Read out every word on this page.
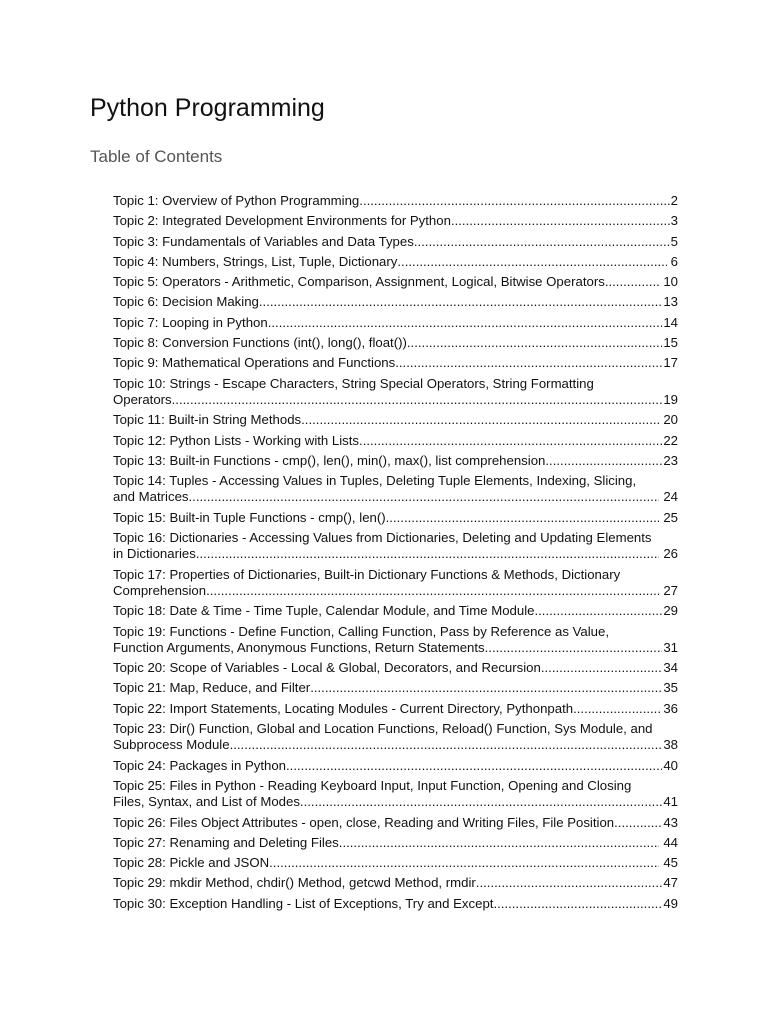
Python Programming
Table of Contents
Topic 1: Overview of Python Programming .....	2
Topic 2: Integrated Development Environments for Python .....	3
Topic 3: Fundamentals of Variables and Data Types .....	5
Topic 4: Numbers, Strings, List, Tuple, Dictionary .....	6
Topic 5: Operators - Arithmetic, Comparison, Assignment, Logical, Bitwise Operators .....	10
Topic 6: Decision Making .....	13
Topic 7: Looping in Python .....	14
Topic 8: Conversion Functions (int(), long(), float()) .....	15
Topic 9: Mathematical Operations and Functions .....	17
Topic 10: Strings - Escape Characters, String Special Operators, String Formatting
Operators .....	19
Topic 11: Built-in String Methods .....	20
Topic 12: Python Lists - Working with Lists .....	22
Topic 13: Built-in Functions - cmp(), len(), min(), max(), list comprehension .....	23
Topic 14: Tuples - Accessing Values in Tuples, Deleting Tuple Elements, Indexing, Slicing,
and Matrices .....	24
Topic 15: Built-in Tuple Functions - cmp(), len() .....	25
Topic 16: Dictionaries - Accessing Values from Dictionaries, Deleting and Updating Elements
in Dictionaries .....	26
Topic 17: Properties of Dictionaries, Built-in Dictionary Functions & Methods, Dictionary
Comprehension .....	27
Topic 18: Date & Time - Time Tuple, Calendar Module, and Time Module .....	29
Topic 19: Functions - Define Function, Calling Function, Pass by Reference as Value,
Function Arguments, Anonymous Functions, Return Statements .....	31
Topic 20: Scope of Variables - Local & Global, Decorators, and Recursion .....	34
Topic 21: Map, Reduce, and Filter .....	35
Topic 22: Import Statements, Locating Modules - Current Directory, Pythonpath .....	36
Topic 23: Dir() Function, Global and Location Functions, Reload() Function, Sys Module, and
Subprocess Module .....	38
Topic 24: Packages in Python .....	40
Topic 25: Files in Python - Reading Keyboard Input, Input Function, Opening and Closing
Files, Syntax, and List of Modes .....	41
Topic 26: Files Object Attributes - open, close, Reading and Writing Files, File Position .....	43
Topic 27: Renaming and Deleting Files .....	44
Topic 28: Pickle and JSON .....	45
Topic 29: mkdir Method, chdir() Method, getcwd Method, rmdir .....	47
Topic 30: Exception Handling - List of Exceptions, Try and Except .....	49
